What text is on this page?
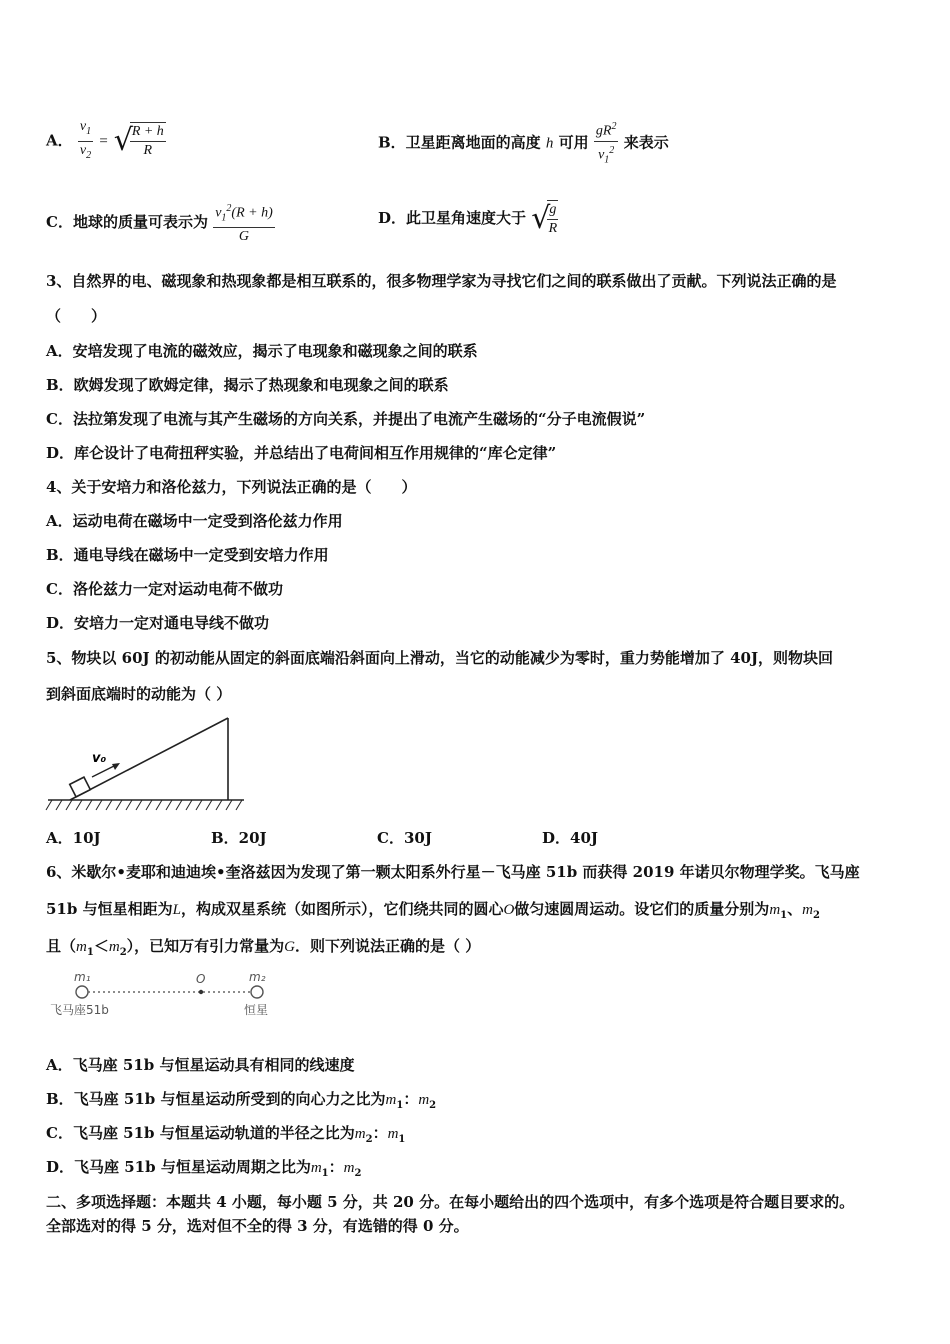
A． $\frac{v_1}{v_2}$ = √
$\frac{R + h}{R}$	B．卫星距离地面的高度 h 可用 $\frac{gR^2}{v_1^2}$ 来表示
C．地球的质量可表示为 $\frac{v_1^2(R + h)}{G}$	D．此卫星角速度大于 √
$\frac{g}{R}$
3、自然界的电、磁现象和热现象都是相互联系的，很多物理学家为寻找它们之间的联系做出了贡献。下列说法正确的是
（　　）
A．安培发现了电流的磁效应，揭示了电现象和磁现象之间的联系
B．欧姆发现了欧姆定律，揭示了热现象和电现象之间的联系
C．法拉第发现了电流与其产生磁场的方向关系，并提出了电流产生磁场的“分子电流假说”
D．库仑设计了电荷扭秤实验，并总结出了电荷间相互作用规律的“库仑定律”
4、关于安培力和洛伦兹力，下列说法正确的是（　　）
A．运动电荷在磁场中一定受到洛伦兹力作用
B．通电导线在磁场中一定受到安培力作用
C．洛伦兹力一定对运动电荷不做功
D．安培力一定对通电导线不做功
5、物块以 60J 的初动能从固定的斜面底端沿斜面向上滑动，当它的动能减少为零时，重力势能增加了 40J，则物块回
到斜面底端时的动能为（ ）
v₀
A．10J	B．20J	C．30J	D．40J
6、米歇尔•麦耶和迪迪埃•奎洛兹因为发现了第一颗太阳系外行星－飞马座 51b 而获得 2019 年诺贝尔物理学奖。飞马座
51b 与恒星相距为L，构成双星系统（如图所示），它们绕共同的圆心O做匀速圆周运动。设它们的质量分别为$m_1$、$m_2$
且$(m_1<m_2)$，已知万有引力常量为G．则下列说法正确的是（ ）
m₁	O	m₂
飞马座51b	恒星
A．飞马座 51b 与恒星运动具有相同的线速度
B．飞马座 51b 与恒星运动所受到的向心力之比为$m_1$：$m_2$
C．飞马座 51b 与恒星运动轨道的半径之比为$m_2$：$m_1$
D．飞马座 51b 与恒星运动周期之比为$m_1$：$m_2$
二、多项选择题：本题共 4 小题，每小题 5 分，共 20 分。在每小题给出的四个选项中，有多个选项是符合题目要求的。
全部选对的得 5 分，选对但不全的得 3 分，有选错的得 0 分。
